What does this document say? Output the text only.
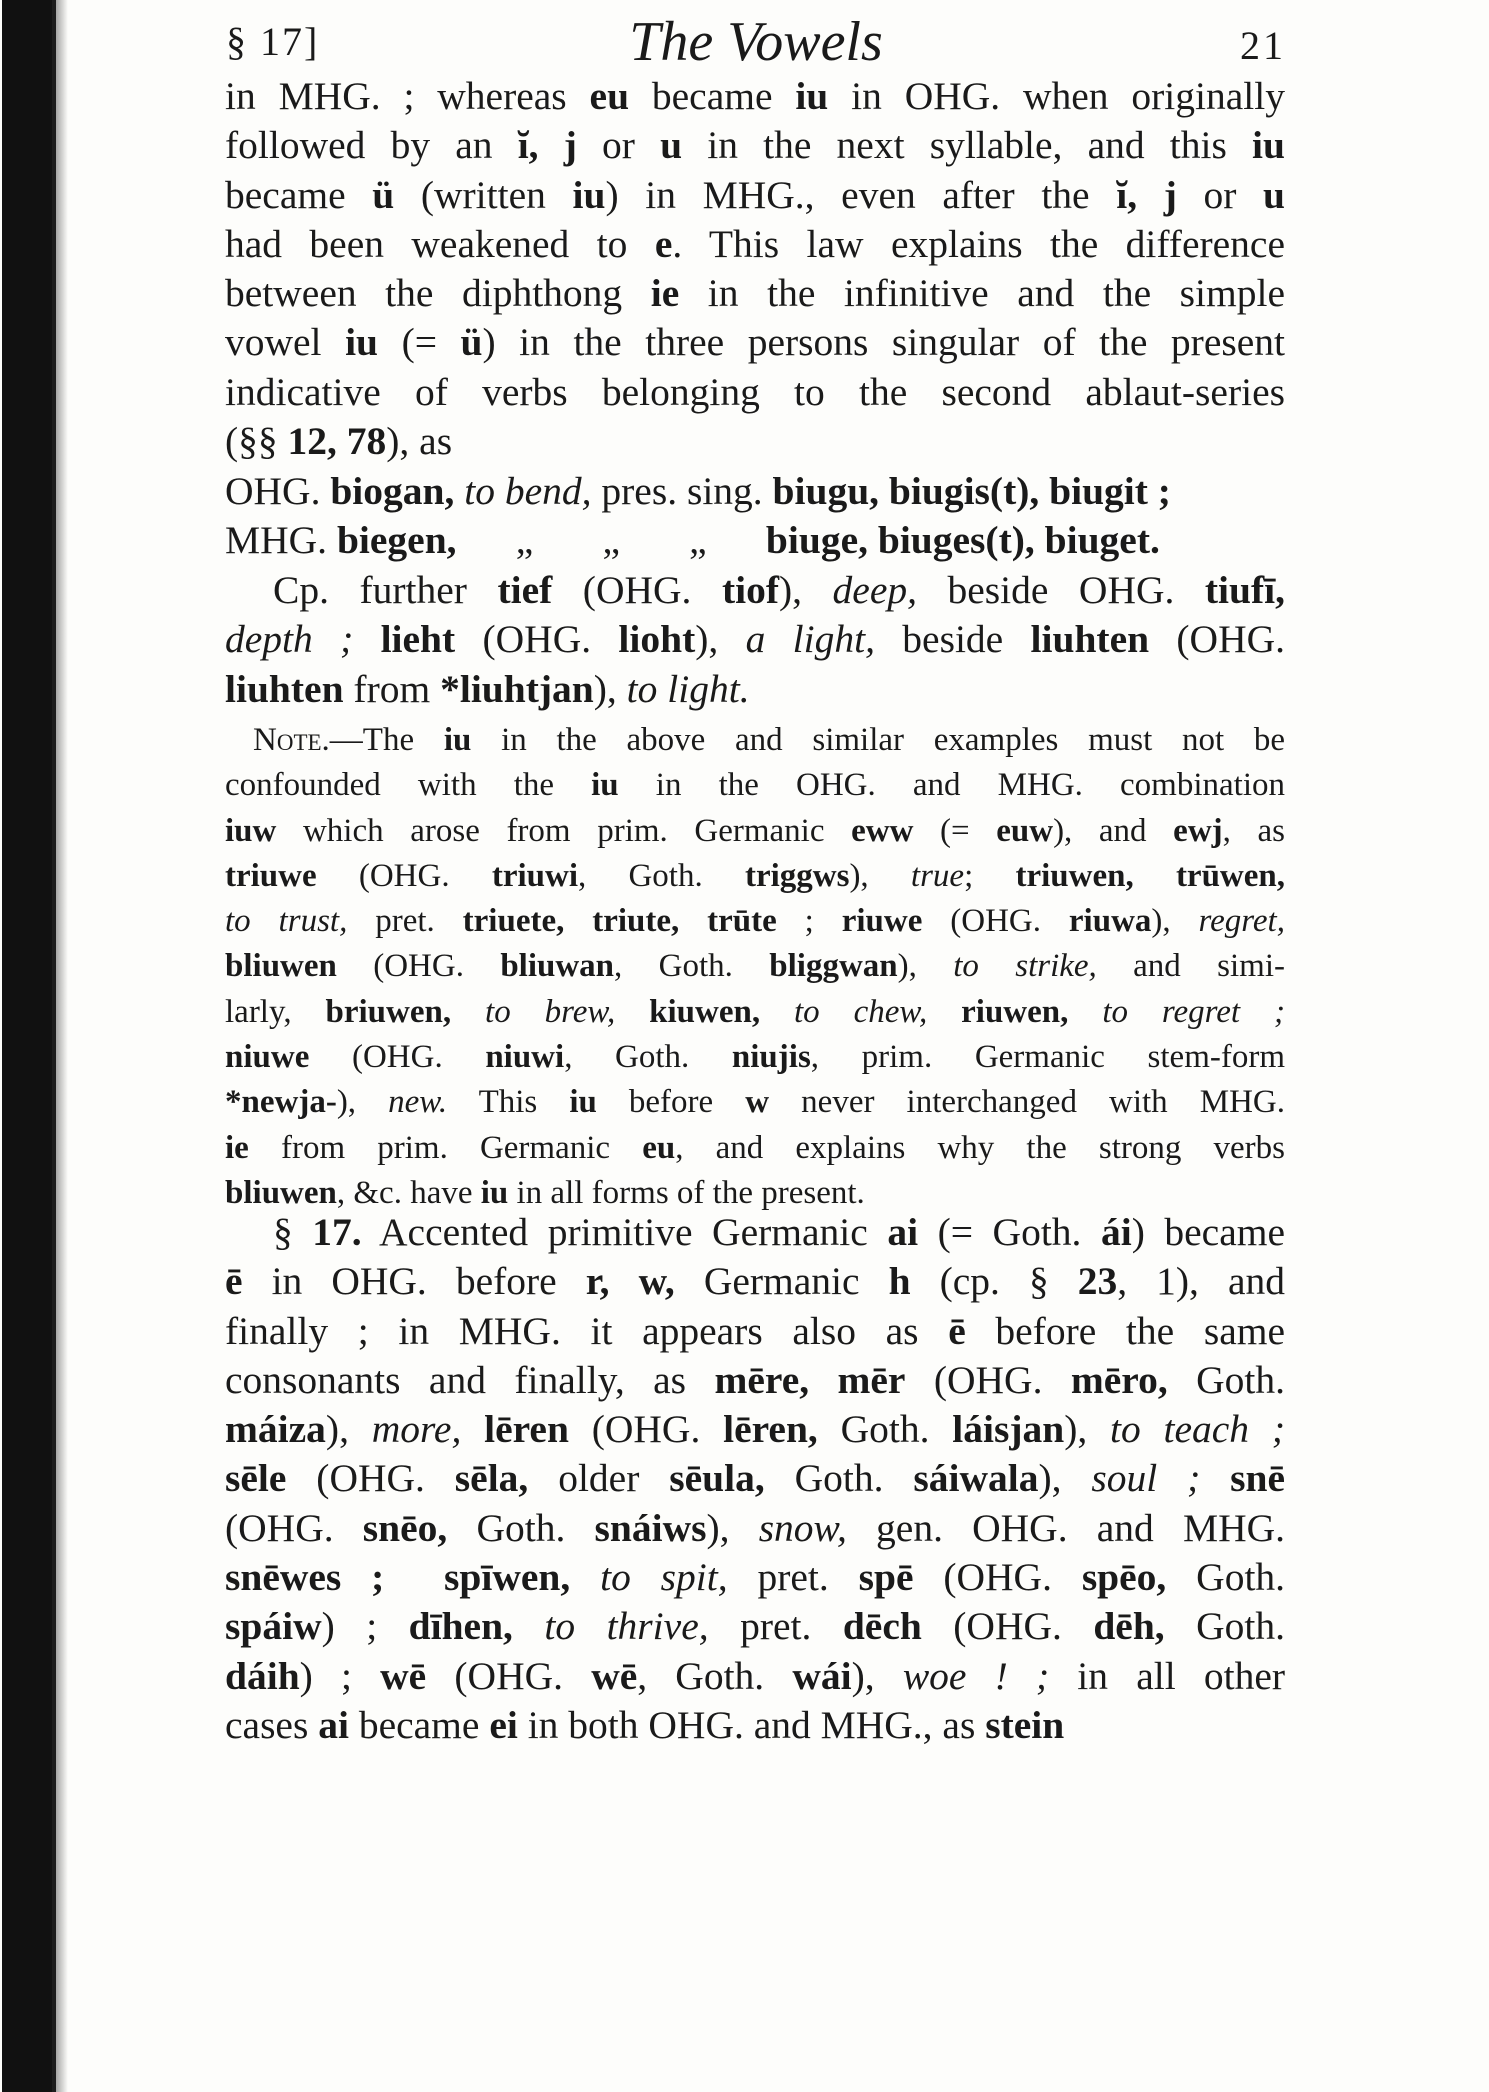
§ 17]	The Vowels	21
in MHG. ; whereas eu became iu in OHG. when originally
followed by an ĭ, j or u in the next syllable, and this iu
became ü (written iu) in MHG., even after the ĭ, j or u
had been weakened to e. This law explains the difference
between the diphthong ie in the infinitive and the simple
vowel iu (= ü) in the three persons singular of the present
indicative of verbs belonging to the second ablaut-series
(§§ 12, 78), as
OHG. biogan, to bend, pres. sing. biugu, biugis(t), biugit ;
MHG. biegen,      „       „       „      biuge, biuges(t), biuget.
Cp. further tief (OHG. tiof), deep, beside OHG. tiufī,
depth ; lieht (OHG. lioht), a light, beside liuhten (OHG.
liuhten from *liuhtjan), to light.
Note.—The iu in the above and similar examples must not be
confounded with the iu in the OHG. and MHG. combination
iuw which arose from prim. Germanic eww (= euw), and ewj, as
triuwe (OHG. triuwi, Goth. triggws), true; triuwen, trūwen,
to trust, pret. triuete, triute, trūte ; riuwe (OHG. riuwa), regret,
bliuwen (OHG. bliuwan, Goth. bliggwan), to strike, and simi-
larly, briuwen, to brew, kiuwen, to chew, riuwen, to regret ;
niuwe (OHG. niuwi, Goth. niujis, prim. Germanic stem-form
*newja-), new. This iu before w never interchanged with MHG.
ie from prim. Germanic eu, and explains why the strong verbs
bliuwen, &c. have iu in all forms of the present.
§ 17. Accented primitive Germanic ai (= Goth. ái) became
ē in OHG. before r, w, Germanic h (cp. § 23, 1), and
finally ; in MHG. it appears also as ē before the same
consonants and finally, as mēre, mēr (OHG. mēro, Goth.
máiza), more, lēren (OHG. lēren, Goth. láisjan), to teach ;
sēle (OHG. sēla, older sēula, Goth. sáiwala), soul ; snē
(OHG. snēo, Goth. snáiws), snow, gen. OHG. and MHG.
snēwes ;  spīwen, to spit, pret. spē (OHG. spēo, Goth.
spáiw) ; dīhen, to thrive, pret. dēch (OHG. dēh, Goth.
dáih) ; wē (OHG. wē, Goth. wái), woe ! ; in all other
cases ai became ei in both OHG. and MHG., as stein
